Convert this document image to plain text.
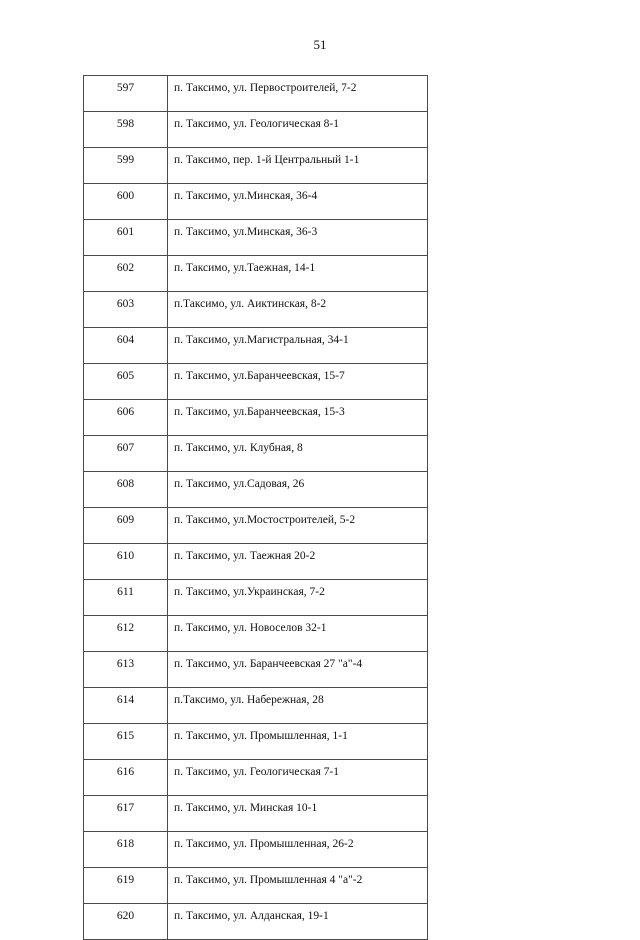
51
597	п. Таксимо, ул. Первостроителей, 7-2
598	п. Таксимо, ул. Геологическая 8-1
599	п. Таксимо, пер. 1-й Центральный 1-1
600	п. Таксимо, ул.Минская, 36-4
601	п. Таксимо, ул.Минская, 36-3
602	п. Таксимо, ул.Таежная, 14-1
603	п.Таксимо, ул. Аиктинская, 8-2
604	п. Таксимо, ул.Магистральная, 34-1
605	п. Таксимо, ул.Баранчеевская, 15-7
606	п. Таксимо, ул.Баранчеевская, 15-3
607	п. Таксимо, ул. Клубная, 8
608	п. Таксимо, ул.Садовая, 26
609	п. Таксимо, ул.Мостостроителей, 5-2
610	п. Таксимо, ул. Таежная 20-2
611	п. Таксимо, ул.Украинская, 7-2
612	п. Таксимо, ул. Новоселов 32-1
613	п. Таксимо, ул. Баранчеевская 27 "а"-4
614	п.Таксимо, ул. Набережная, 28
615	п. Таксимо, ул. Промышленная, 1-1
616	п. Таксимо, ул. Геологическая 7-1
617	п. Таксимо, ул. Минская 10-1
618	п. Таксимо, ул. Промышленная, 26-2
619	п. Таксимо, ул. Промышленная 4 "а"-2
620	п. Таксимо, ул. Алданская, 19-1
